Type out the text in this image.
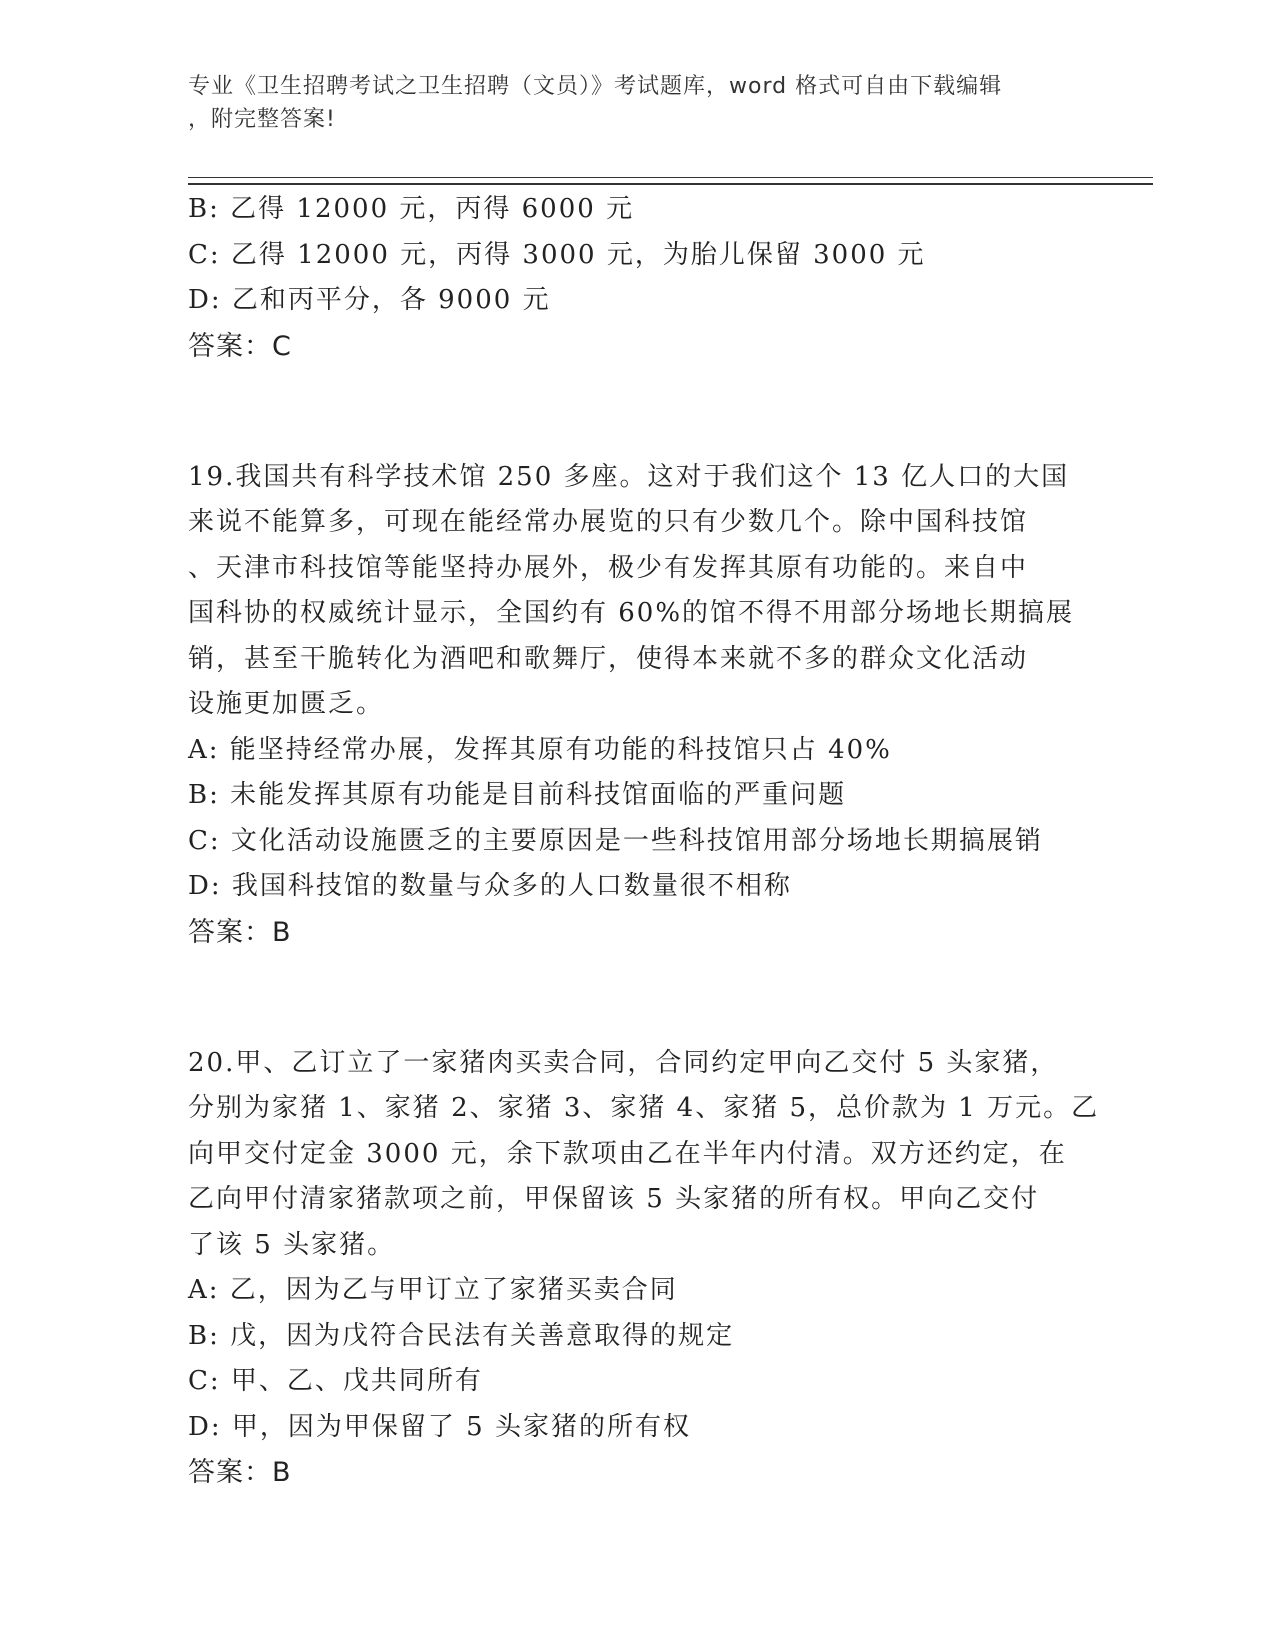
专业《卫生招聘考试之卫生招聘（文员）》考试题库，word 格式可自由下载编辑
，附完整答案!
B: 乙得 12000 元，丙得 6000 元
C: 乙得 12000 元，丙得 3000 元，为胎儿保留 3000 元
D: 乙和丙平分，各 9000 元
答案：C
19.我国共有科学技术馆 250 多座。这对于我们这个 13 亿人口的大国
来说不能算多，可现在能经常办展览的只有少数几个。除中国科技馆
、天津市科技馆等能坚持办展外，极少有发挥其原有功能的。来自中
国科协的权威统计显示，全国约有 60%的馆不得不用部分场地长期搞展
销，甚至干脆转化为酒吧和歌舞厅，使得本来就不多的群众文化活动
设施更加匮乏。
A: 能坚持经常办展，发挥其原有功能的科技馆只占 40%
B: 未能发挥其原有功能是目前科技馆面临的严重问题
C: 文化活动设施匮乏的主要原因是一些科技馆用部分场地长期搞展销
D: 我国科技馆的数量与众多的人口数量很不相称
答案：B
20.甲、乙订立了一家猪肉买卖合同，合同约定甲向乙交付 5 头家猪，
分别为家猪 1、家猪 2、家猪 3、家猪 4、家猪 5，总价款为 1 万元。乙
向甲交付定金 3000 元，余下款项由乙在半年内付清。双方还约定，在
乙向甲付清家猪款项之前，甲保留该 5 头家猪的所有权。甲向乙交付
了该 5 头家猪。
A: 乙，因为乙与甲订立了家猪买卖合同
B: 戊，因为戊符合民法有关善意取得的规定
C: 甲、乙、戊共同所有
D: 甲，因为甲保留了 5 头家猪的所有权
答案：B
